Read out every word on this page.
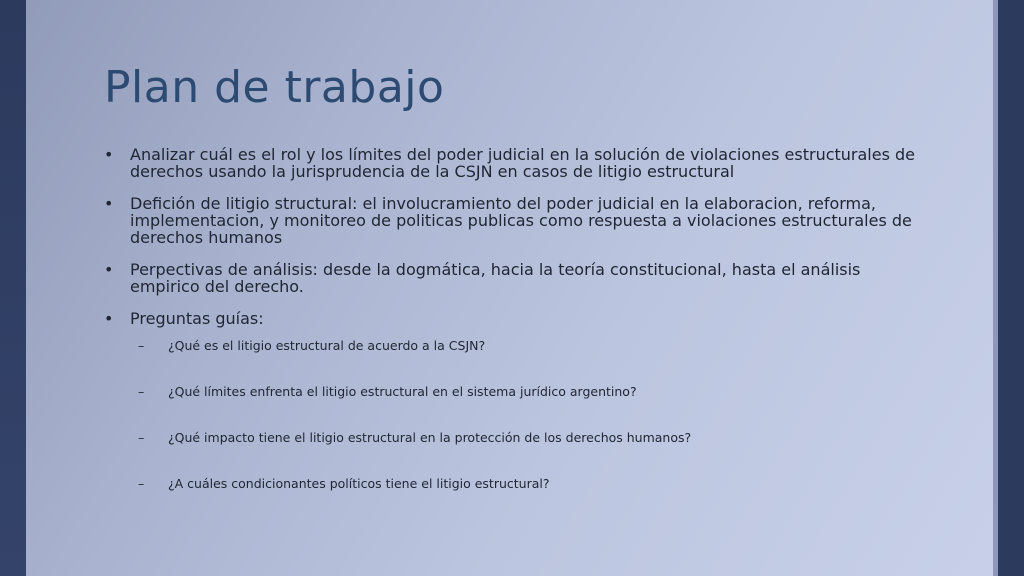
Plan de trabajo
• Analizar cuál es el rol y los límites del poder judicial en la solución de violaciones estructurales de derechos usando la jurisprudencia de la CSJN en casos de litigio estructural
• Defición de litigio structural: el involucramiento del poder judicial en la elaboracion, reforma, implementacion, y monitoreo de politicas publicas como respuesta a violaciones estructurales de derechos humanos
• Perpectivas de análisis: desde la dogmática, hacia la teoría constitucional, hasta el análisis empirico del derecho.
• Preguntas guías:
– ¿Qué es el litigio estructural de acuerdo a la CSJN?
– ¿Qué límites enfrenta el litigio estructural en el sistema jurídico argentino?
– ¿Qué impacto tiene el litigio estructural en la protección de los derechos humanos?
– ¿A cuáles condicionantes políticos tiene el litigio estructural?
